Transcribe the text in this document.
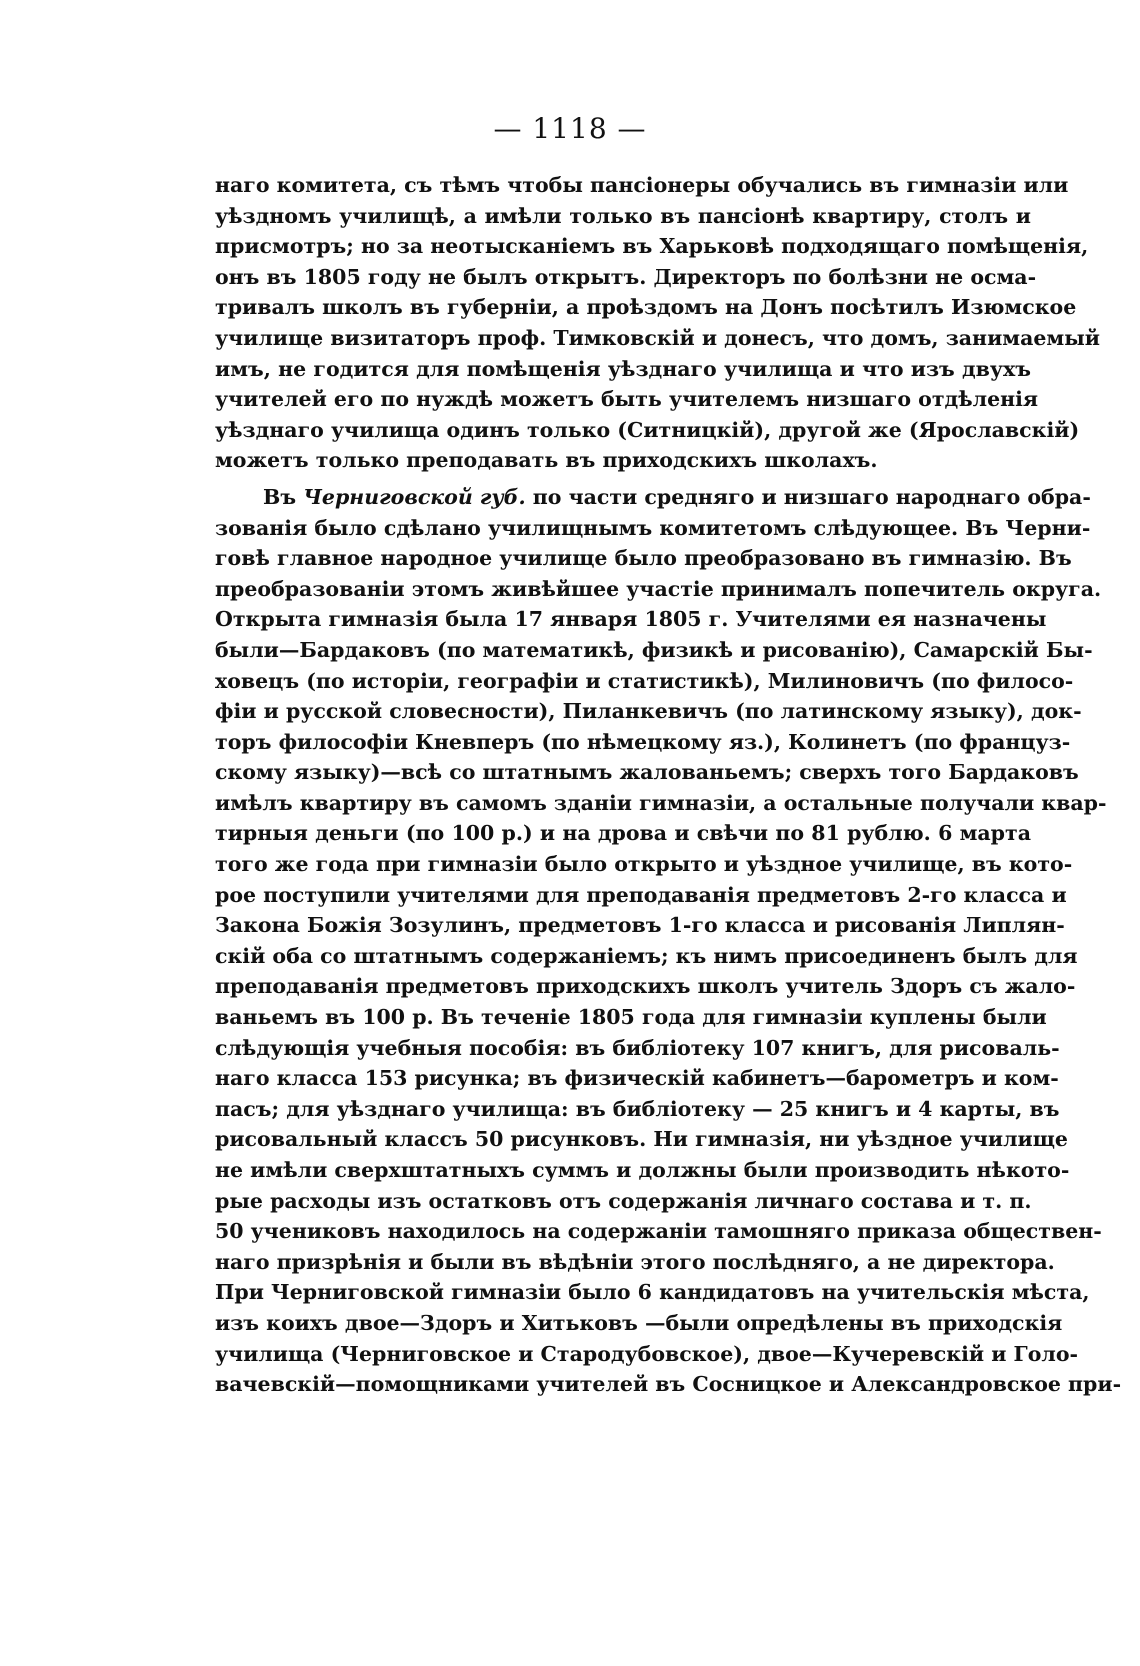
— 1118 —
наго комитета, съ тѣмъ чтобы пансіонеры обучались въ гимназіи или
уѣздномъ училищѣ, а имѣли только въ пансіонѣ квартиру, столъ и
присмотръ; но за неотысканіемъ въ Харьковѣ подходящаго помѣщенія,
онъ въ 1805 году не былъ открытъ. Директоръ по болѣзни не осма-
тривалъ школъ въ губерніи, а проѣздомъ на Донъ посѣтилъ Изюмское
училище визитаторъ проф. Тимковскій и донесъ, что домъ, занимаемый
имъ, не годится для помѣщенія уѣзднаго училища и что изъ двухъ
учителей его по нуждѣ можетъ быть учителемъ низшаго отдѣленія
уѣзднаго училища одинъ только (Ситницкій), другой же (Ярославскій)
можетъ только преподавать въ приходскихъ школахъ.
Въ Черниговской губ. по части средняго и низшаго народнаго обра-
зованія было сдѣлано училищнымъ комитетомъ слѣдующее. Въ Черни-
говѣ главное народное училище было преобразовано въ гимназію. Въ
преобразованіи этомъ живѣйшее участіе принималъ попечитель округа.
Открыта гимназія была 17 января 1805 г. Учителями ея назначены
были—Бардаковъ (по математикѣ, физикѣ и рисованію), Самарскій Бы-
ховецъ (по исторіи, географіи и статистикѣ), Милиновичъ (по филосо-
фіи и русской словесности), Пиланкевичъ (по латинскому языку), док-
торъ философіи Кневперъ (по нѣмецкому яз.), Колинетъ (по француз-
скому языку)—всѣ со штатнымъ жалованьемъ; сверхъ того Бардаковъ
имѣлъ квартиру въ самомъ зданіи гимназіи, а остальные получали квар-
тирныя деньги (по 100 р.) и на дрова и свѣчи по 81 рублю. 6 марта
того же года при гимназіи было открыто и уѣздное училище, въ кото-
рое поступили учителями для преподаванія предметовъ 2-го класса и
Закона Божія Зозулинъ, предметовъ 1-го класса и рисованія Липлян-
скій оба со штатнымъ содержаніемъ; къ нимъ присоединенъ былъ для
преподаванія предметовъ приходскихъ школъ учитель Здоръ съ жало-
ваньемъ въ 100 р. Въ теченіе 1805 года для гимназіи куплены были
слѣдующія учебныя пособія: въ библіотеку 107 книгъ, для рисоваль-
наго класса 153 рисунка; въ физическій кабинетъ—барометръ и ком-
пасъ; для уѣзднаго училища: въ библіотеку — 25 книгъ и 4 карты, въ
рисовальный классъ 50 рисунковъ. Ни гимназія, ни уѣздное училище
не имѣли сверхштатныхъ суммъ и должны были производить нѣкото-
рые расходы изъ остатковъ отъ содержанія личнаго состава и т. п.
50 учениковъ находилось на содержаніи тамошняго приказа обществен-
наго призрѣнія и были въ вѣдѣніи этого послѣдняго, а не директора.
При Черниговской гимназіи было 6 кандидатовъ на учительскія мѣста,
изъ коихъ двое—Здоръ и Хитьковъ —были опредѣлены въ приходскія
училища (Черниговское и Стародубовское), двое—Кучеревскій и Голо-
вачевскій—помощниками учителей въ Сосницкое и Александровское при-
